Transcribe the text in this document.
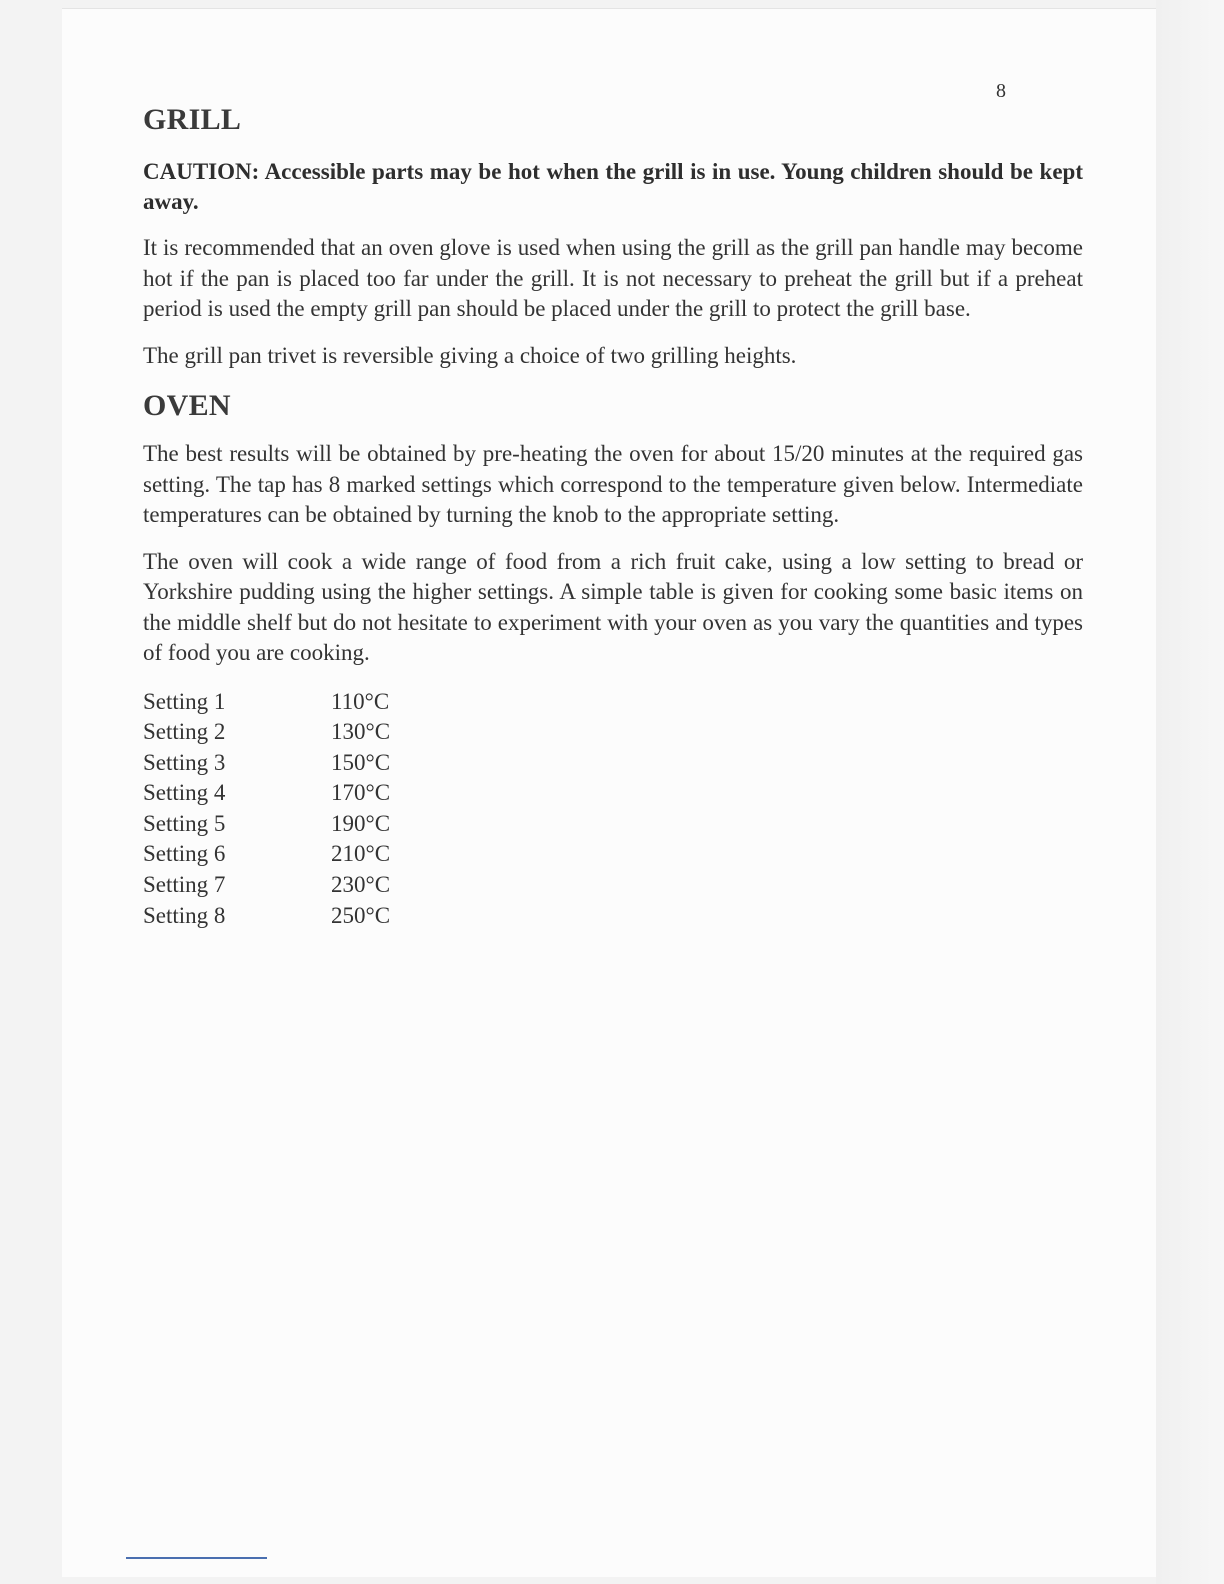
8
GRILL

CAUTION: Accessible parts may be hot when the grill is in use. Young children should be kept away.

It is recommended that an oven glove is used when using the grill as the grill pan handle may become hot if the pan is placed too far under the grill. It is not necessary to preheat the grill but if a preheat period is used the empty grill pan should be placed under the grill to protect the grill base.

The grill pan trivet is reversible giving a choice of two grilling heights.

OVEN

The best results will be obtained by pre-heating the oven for about 15/20 minutes at the required gas setting. The tap has 8 marked settings which correspond to the temperature given below. Intermediate temperatures can be obtained by turning the knob to the appropriate setting.

The oven will cook a wide range of food from a rich fruit cake, using a low setting to bread or Yorkshire pudding using the higher settings. A simple table is given for cooking some basic items on the middle shelf but do not hesitate to experiment with your oven as you vary the quantities and types of food you are cooking.

Setting 1	110°C
Setting 2	130°C
Setting 3	150°C
Setting 4	170°C
Setting 5	190°C
Setting 6	210°C
Setting 7	230°C
Setting 8	250°C
